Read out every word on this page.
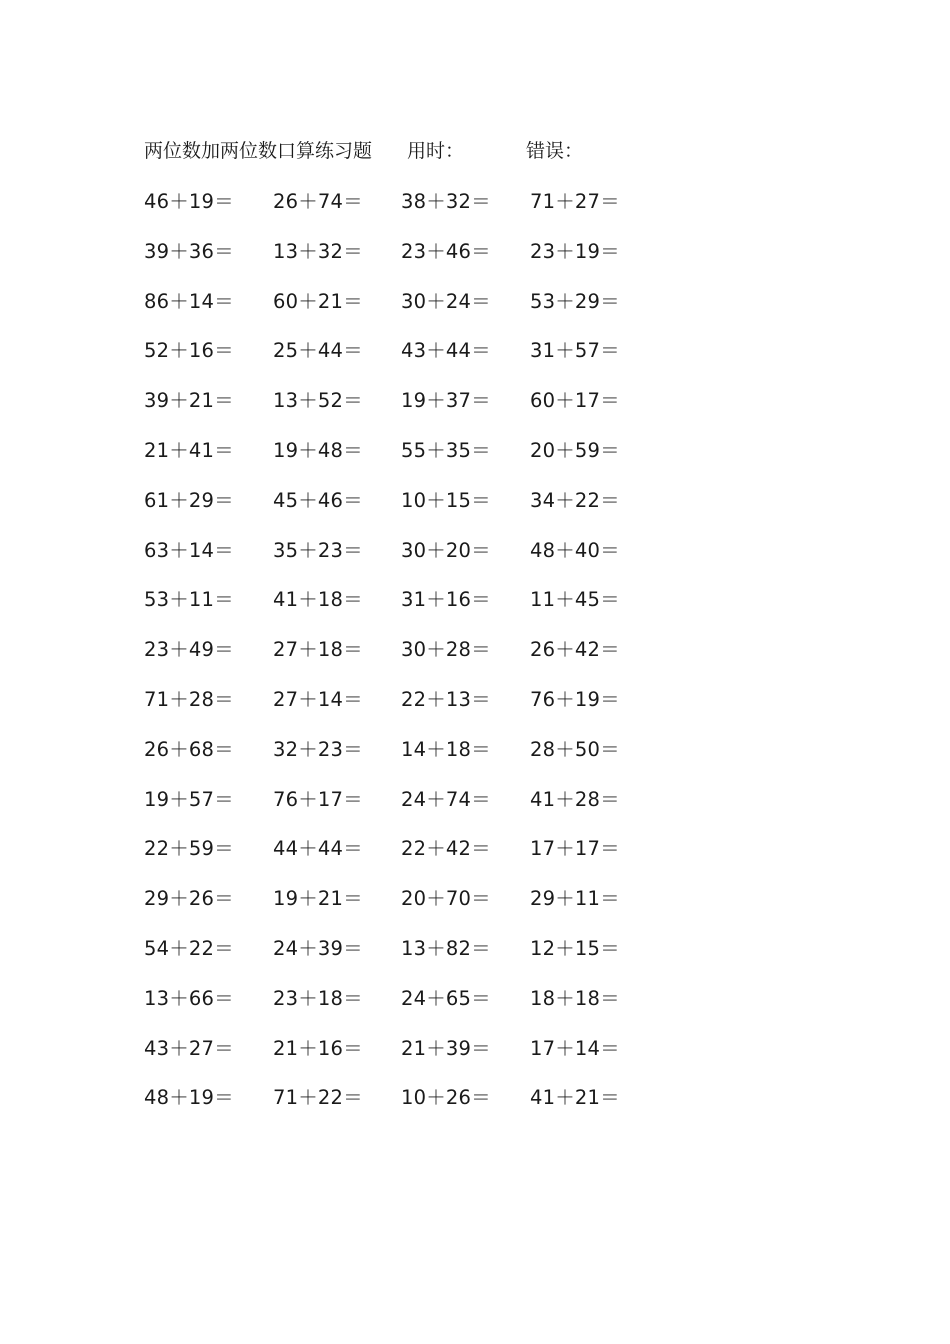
两位数加两位数口算练习题 用时：	错误：
46＋19＝ 26＋74＝ 38＋32＝ 71＋27＝
39＋36＝ 13＋32＝ 23＋46＝ 23＋19＝
86＋14＝ 60＋21＝ 30＋24＝ 53＋29＝
52＋16＝ 25＋44＝ 43＋44＝ 31＋57＝
39＋21＝ 13＋52＝ 19＋37＝ 60＋17＝
21＋41＝ 19＋48＝ 55＋35＝ 20＋59＝
61＋29＝ 45＋46＝ 10＋15＝ 34＋22＝
63＋14＝ 35＋23＝ 30＋20＝ 48＋40＝
53＋11＝ 41＋18＝ 31＋16＝ 11＋45＝
23＋49＝ 27＋18＝ 30＋28＝ 26＋42＝
71＋28＝ 27＋14＝ 22＋13＝ 76＋19＝
26＋68＝ 32＋23＝ 14＋18＝ 28＋50＝
19＋57＝ 76＋17＝ 24＋74＝ 41＋28＝
22＋59＝ 44＋44＝ 22＋42＝ 17＋17＝
29＋26＝ 19＋21＝ 20＋70＝ 29＋11＝
54＋22＝ 24＋39＝ 13＋82＝ 12＋15＝
13＋66＝ 23＋18＝ 24＋65＝ 18＋18＝
43＋27＝ 21＋16＝ 21＋39＝ 17＋14＝
48＋19＝ 71＋22＝ 10＋26＝ 41＋21＝
